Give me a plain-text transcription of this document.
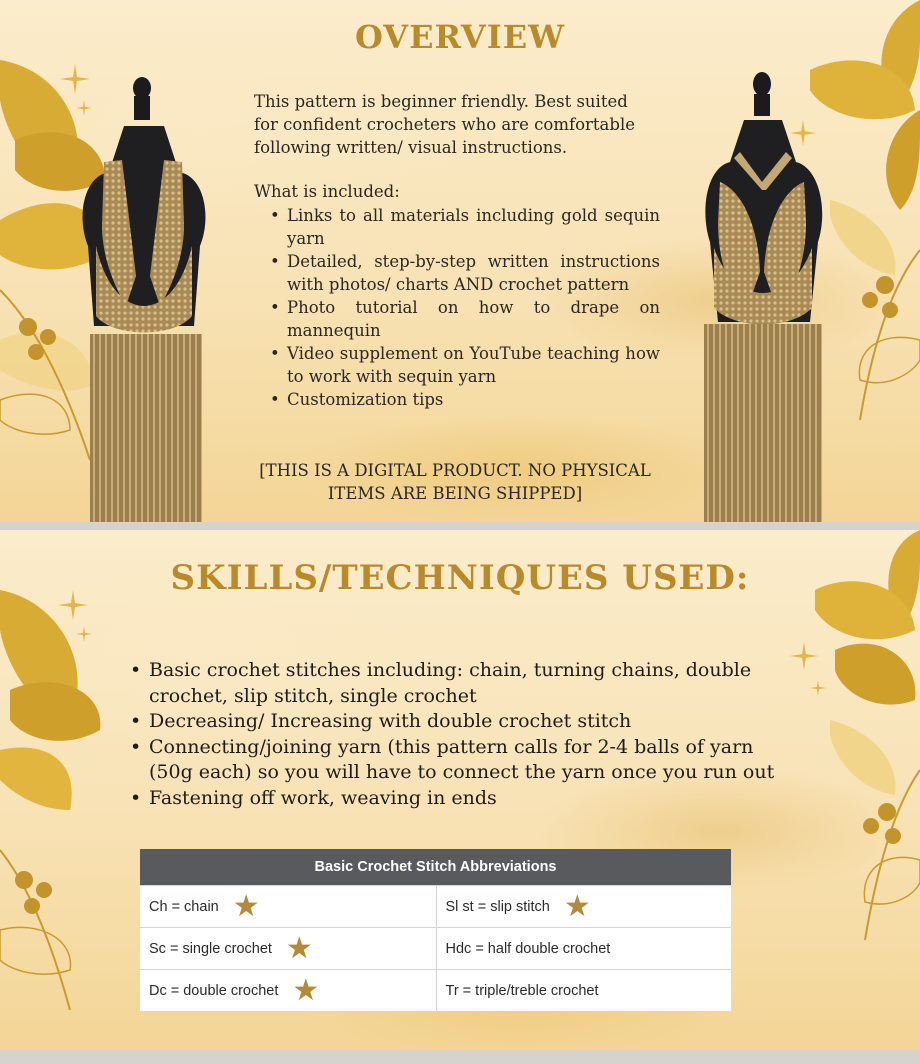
OVERVIEW
This pattern is beginner friendly. Best suited for confident crocheters who are comfortable following written/ visual instructions.
What is included:
• Links to all materials including gold sequin yarn
• Detailed, step-by-step written instructions with photos/ charts AND crochet pattern
• Photo tutorial on how to drape on mannequin
• Video supplement on YouTube teaching how to work with sequin yarn
• Customization tips
[THIS IS A DIGITAL PRODUCT. NO PHYSICAL
ITEMS ARE BEING SHIPPED]
SKILLS/TECHNIQUES USED:
• Basic crochet stitches including: chain, turning chains, double crochet, slip stitch, single crochet
• Decreasing/ Increasing with double crochet stitch
• Connecting/joining yarn (this pattern calls for 2-4 balls of yarn (50g each) so you will have to connect the yarn once you run out
• Fastening off work, weaving in ends
Basic Crochet Stitch Abbreviations
Ch = chain ★	Sl st = slip stitch ★
Sc = single crochet ★	Hdc = half double crochet
Dc = double crochet ★	Tr = triple/treble crochet
